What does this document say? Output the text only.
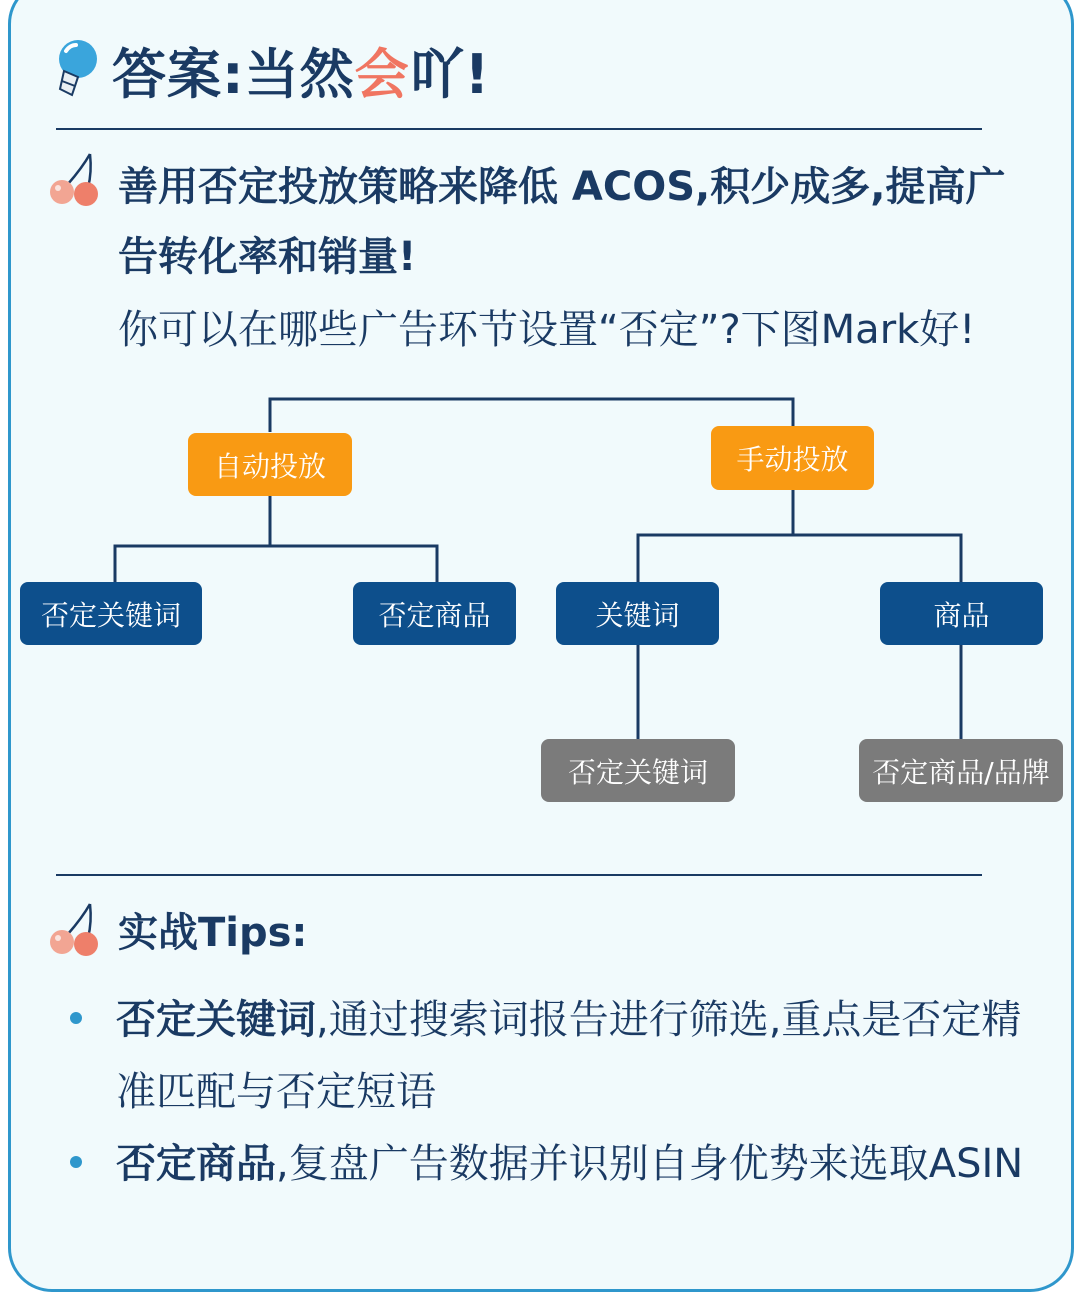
答案:当然会吖!
善用否定投放策略来降低 ACOS,积少成多,提高广告转化率和销量!
你可以在哪些广告环节设置“否定”?下图Mark好!
自动投放	手动投放
否定关键词	否定商品	关键词	商品
否定关键词	否定商品/品牌
实战Tips:
否定关键词,通过搜索词报告进行筛选,重点是否定精准匹配与否定短语
否定商品,复盘广告数据并识别自身优势来选取ASIN
